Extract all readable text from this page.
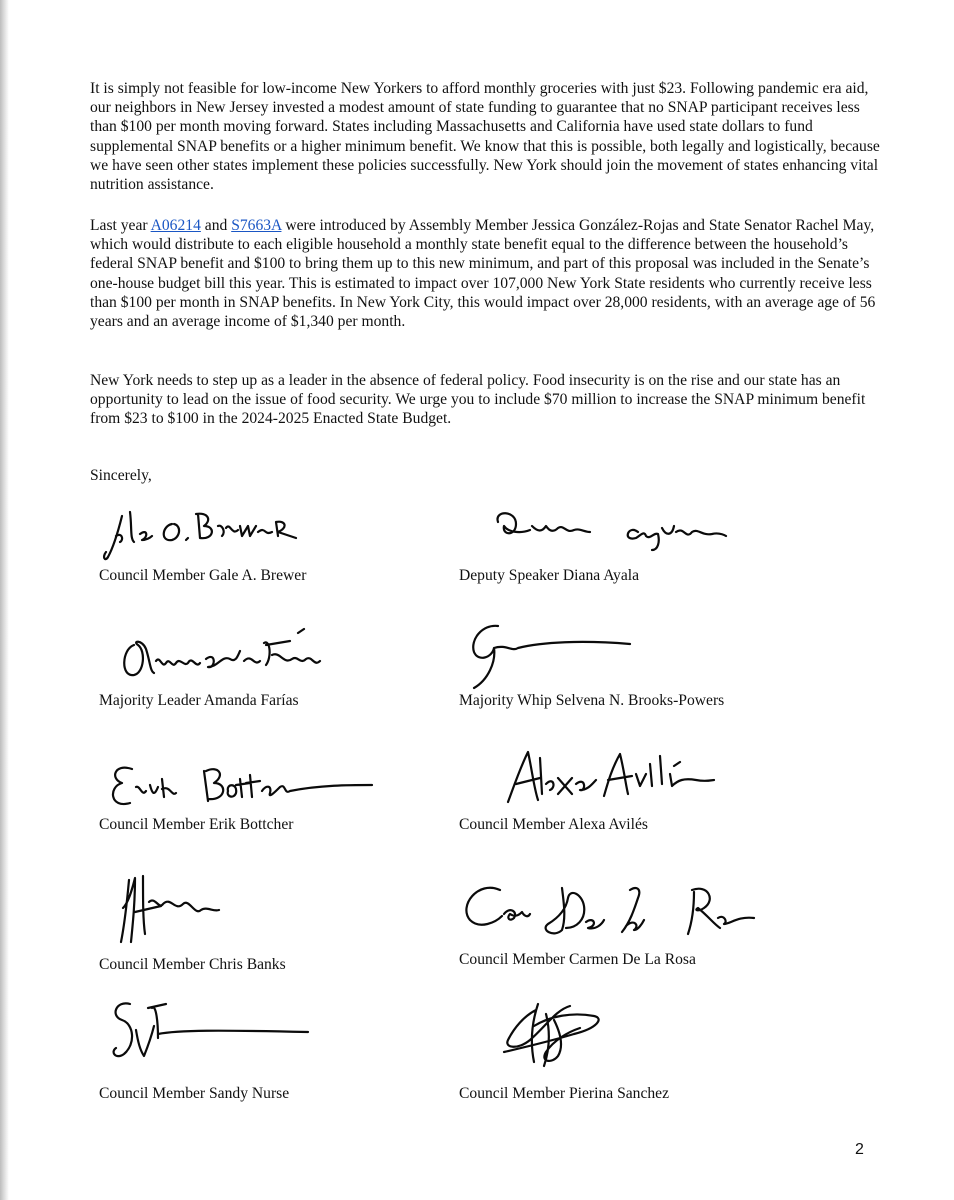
It is simply not feasible for low-income New Yorkers to afford monthly groceries with just $23. Following pandemic era aid, our neighbors in New Jersey invested a modest amount of state funding to guarantee that no SNAP participant receives less than $100 per month moving forward. States including Massachusetts and California have used state dollars to fund supplemental SNAP benefits or a higher minimum benefit. We know that this is possible, both legally and logistically, because we have seen other states implement these policies successfully. New York should join the movement of states enhancing vital nutrition assistance.

Last year A06214 and S7663A were introduced by Assembly Member Jessica González-Rojas and State Senator Rachel May, which would distribute to each eligible household a monthly state benefit equal to the difference between the household’s federal SNAP benefit and $100 to bring them up to this new minimum, and part of this proposal was included in the Senate’s one-house budget bill this year. This is estimated to impact over 107,000 New York State residents who currently receive less than $100 per month in SNAP benefits. In New York City, this would impact over 28,000 residents, with an average age of 56 years and an average income of $1,340 per month.

New York needs to step up as a leader in the absence of federal policy. Food insecurity is on the rise and our state has an opportunity to lead on the issue of food security. We urge you to include $70 million to increase the SNAP minimum benefit from $23 to $100 in the 2024-2025 Enacted State Budget.

Sincerely,
Council Member Gale A. Brewer	Deputy Speaker Diana Ayala
Majority Leader Amanda Farías	Majority Whip Selvena N. Brooks-Powers
Council Member Erik Bottcher	Council Member Alexa Avilés
Council Member Chris Banks	Council Member Carmen De La Rosa
Council Member Sandy Nurse	Council Member Pierina Sanchez
2
